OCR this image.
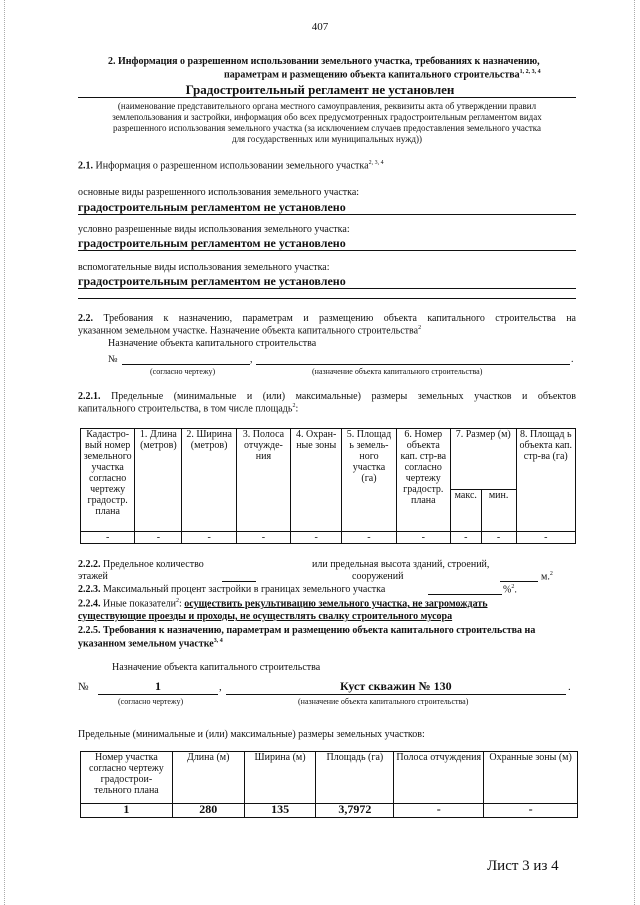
407
2. Информация о разрешенном использовании земельного участка, требованиях к назначению,
параметрам и размещению объекта капитального строительства$^{1, 2, 3, 4}$
Градостроительный регламент не установлен
(наименование представительного органа местного самоуправления, реквизиты акта об утверждении правил
землепользования и застройки, информация обо всех предусмотренных градостроительным регламентом видах
разрешенного использования земельного участка (за исключением случаев предоставления земельного участка
для государственных или муниципальных нужд))
2.1. Информация о разрешенном использовании земельного участка$^{2, 3, 4}$
основные виды разрешенного использования земельного участка:
градостроительным регламентом не установлено
условно разрешенные виды использования земельного участка:
градостроительным регламентом не установлено
вспомогательные виды использования земельного участка:
градостроительным регламентом не установлено
2.2. Требования к назначению, параметрам и размещению объекта капитального строительства на
указанном земельном участке. Назначение объекта капитального строительства$^2$
Назначение объекта капитального строительства
№	,	.
(согласно чертежу)	(назначение объекта капитального строительства)
2.2.1. Предельные (минимальные и (или) максимальные) размеры земельных участков и объектов
капитального строительства, в том числе площадь$^2$:
Кадастро-вый номер земельного участка согласно чертежу градостр. плана	1. Длина (метров)	2. Ширина (метров)	3. Полоса отчужде-ния	4. Охран-ные зоны	5. Площад ь земель-ного участка (га)	6. Номер объекта кап. стр-ва согласно чертежу градостр. плана	7. Размер (м)		8. Площад ь объекта кап. стр-ва (га)
							макс.	мин.	
-	-	-	-	-	-	-	-	-	-
2.2.2. Предельное количество	или предельная высота зданий, строений,
этажей	сооружений	м.$^2$
2.2.3. Максимальный процент застройки в границах земельного участка	%$^2$.
2.2.4. Иные показатели$^2$: осуществить рекультивацию земельного участка, не загромождать
существующие проезды и проходы, не осуществлять свалку строительного мусора
2.2.5. Требования к назначению, параметрам и размещению объекта капитального строительства на
указанном земельном участке$^{3, 4}$
Назначение объекта капитального строительства
№	1	,	Куст скважин № 130	.
(согласно чертежу)	(назначение объекта капитального строительства)
Предельные (минимальные и (или) максимальные) размеры земельных участков:
Номер участка согласно чертежу градострои-тельного плана	Длина (м)	Ширина (м)	Площадь (га)	Полоса отчуждения	Охранные зоны (м)
1	280	135	3,7972	-	-
Лист 3 из 4
